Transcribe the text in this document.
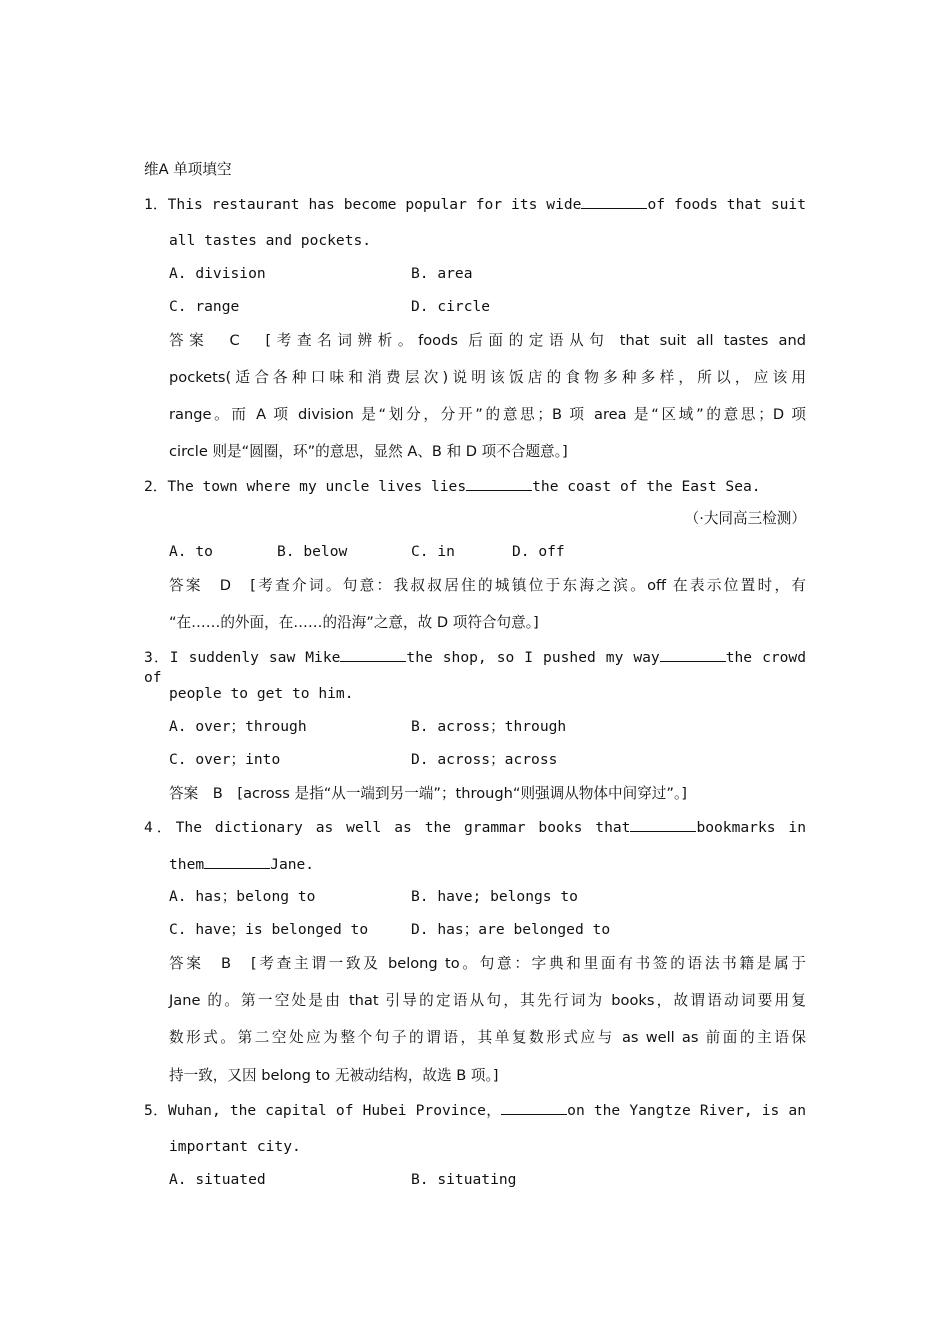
维A 单项填空
1．This restaurant has become popular for its wide	of foods that suit
all tastes and pockets.
A. division	B. area
C. range	D. circle
答案　C　[考查名词辨析。foods 后面的定语从句 that suit all tastes and
pockets(适合各种口味和消费层次)说明该饭店的食物多种多样，所以，应该用
range。而 A 项 division 是“划分，分开”的意思；B 项 area 是“区域”的意思；D 项
circle 则是“圆圈，环”的意思，显然 A、B 和 D 项不合题意。]
2．The town where my uncle lives lies	the coast of the East Sea.
（·大同高三检测）
A. to	B. below	C. in	D. off
答案　D　[考查介词。句意：我叔叔居住的城镇位于东海之滨。off 在表示位置时，有
“在……的外面，在……的沿海”之意，故 D 项符合句意。]
3．I suddenly saw Mike	the shop, so I pushed my way	the crowd of
people to get to him.
A. over；through	B. across；through
C. over；into	D. across；across
答案　B　[across 是指“从一端到另一端”；through“则强调从物体中间穿过”。]
4．The dictionary as well as the grammar books that	bookmarks in
them	Jane.
A. has；belong to	B. have; belongs to
C. have；is belonged to	D. has；are belonged to
答案　B　[考查主谓一致及 belong to。句意：字典和里面有书签的语法书籍是属于
Jane 的。第一空处是由 that 引导的定语从句，其先行词为 books，故谓语动词要用复
数形式。第二空处应为整个句子的谓语，其单复数形式应与 as well as 前面的主语保
持一致，又因 belong to 无被动结构，故选 B 项。]
5．Wuhan, the capital of Hubei Province，	on the Yangtze River, is an
important city.
A. situated	B. situating
